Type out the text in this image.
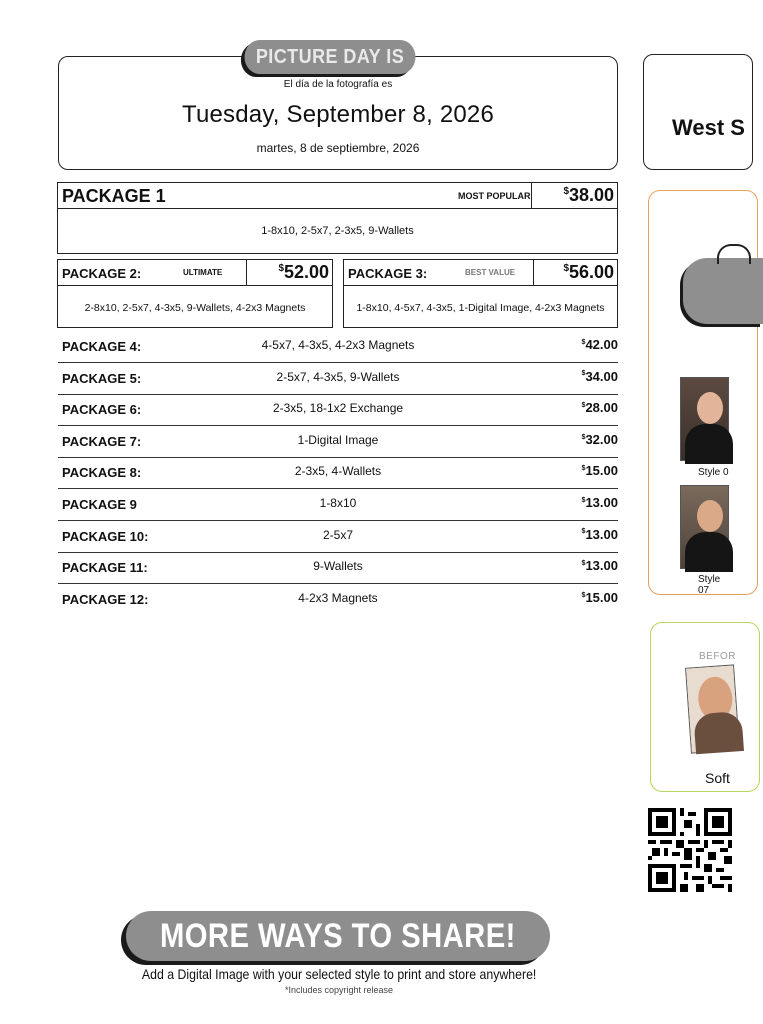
El día de la fotografía es
Tuesday, September 8, 2026
martes, 8 de septiembre, 2026
PICTURE DAY IS
West S
Style 0
Style 07
BEFOR
Soft
PACKAGE 1	MOST POPULAR	$38.00
1-8x10, 2-5x7, 2-3x5, 9-Wallets
PACKAGE 2:	ULTIMATE	$52.00
2-8x10, 2-5x7, 4-3x5, 9-Wallets, 4-2x3 Magnets
PACKAGE 3:	BEST VALUE	$56.00
1-8x10, 4-5x7, 4-3x5, 1-Digital Image, 4-2x3 Magnets
PACKAGE 4:	4-5x7, 4-3x5, 4-2x3 Magnets	$42.00
PACKAGE 5:	2-5x7, 4-3x5, 9-Wallets	$34.00
PACKAGE 6:	2-3x5, 18-1x2 Exchange	$28.00
PACKAGE 7:	1-Digital Image	$32.00
PACKAGE 8:	2-3x5, 4-Wallets	$15.00
PACKAGE 9	1-8x10	$13.00
PACKAGE 10:	2-5x7	$13.00
PACKAGE 11:	9-Wallets	$13.00
PACKAGE 12:	4-2x3 Magnets	$15.00
MORE WAYS TO SHARE!
Add a Digital Image with your selected style to print and store anywhere!
*Includes copyright release
